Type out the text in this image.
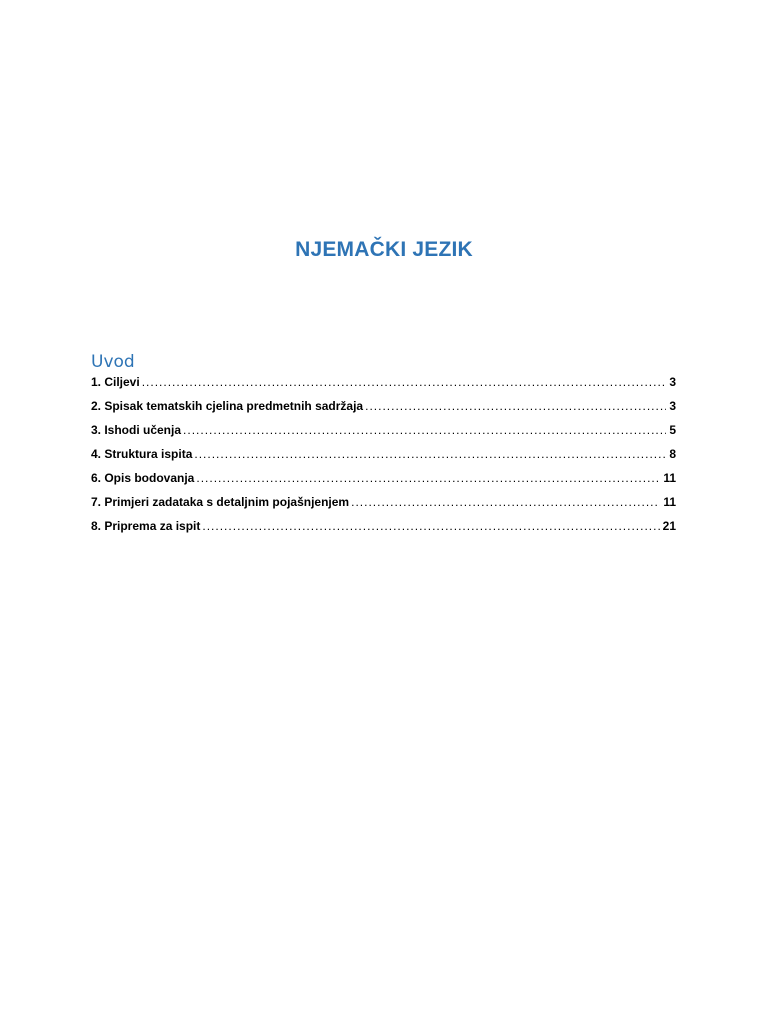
NJEMAČKI JEZIK
Uvod
1. Ciljevi .....	3
2. Spisak tematskih cjelina predmetnih sadržaja .....	3
3. Ishodi učenja .....	5
4. Struktura ispita .....	8
6. Opis bodovanja .....	11
7. Primjeri zadataka s detaljnim pojašnjenjem .....	11
8. Priprema za ispit .....	21
